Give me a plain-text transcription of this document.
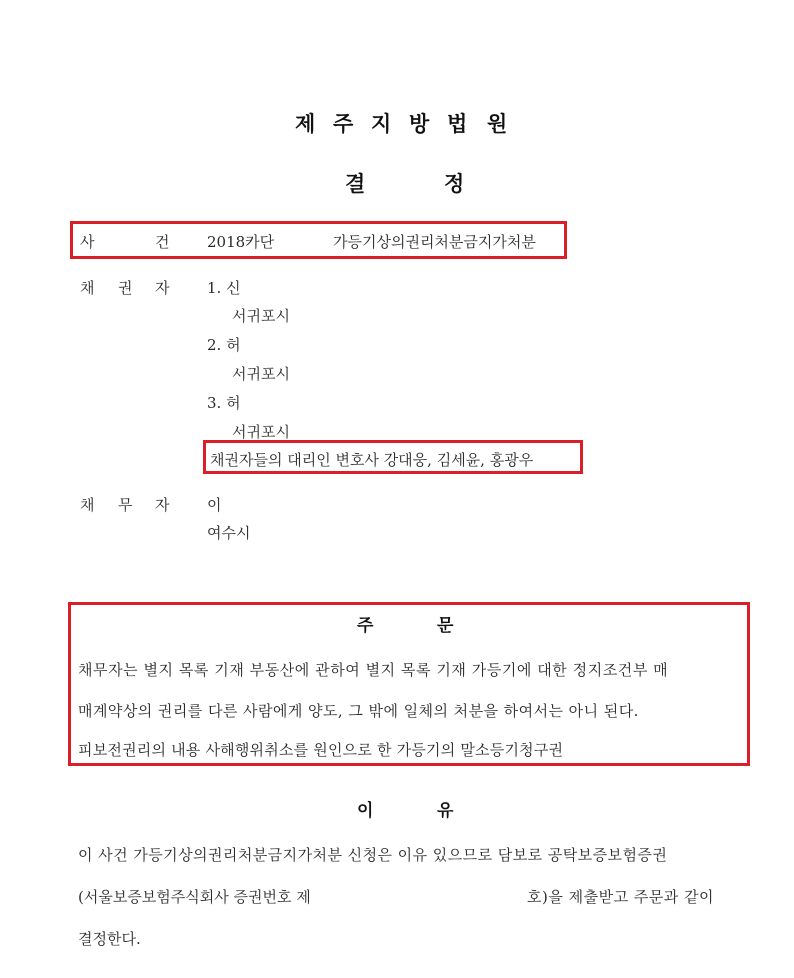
제 주 지 방 법 원
결	정
사	건	2018카단	가등기상의권리처분금지가처분
채 권 자	1. 신
서귀포시
2. 허
서귀포시
3. 허
서귀포시
채권자들의 대리인 변호사 강대웅, 김세윤, 홍광우
채 무 자	이
여수시
주	문
채무자는 별지 목록 기재 부동산에 관하여 별지 목록 기재 가등기에 대한 정지조건부 매
매계약상의 권리를 다른 사람에게 양도, 그 밖에 일체의 처분을 하여서는 아니 된다.
피보전권리의 내용 사해행위취소를 원인으로 한 가등기의 말소등기청구권
이	유
이 사건 가등기상의권리처분금지가처분 신청은 이유 있으므로 담보로 공탁보증보험증권
(서울보증보험주식회사 증권번호 제	호)을 제출받고 주문과 같이
결정한다.
